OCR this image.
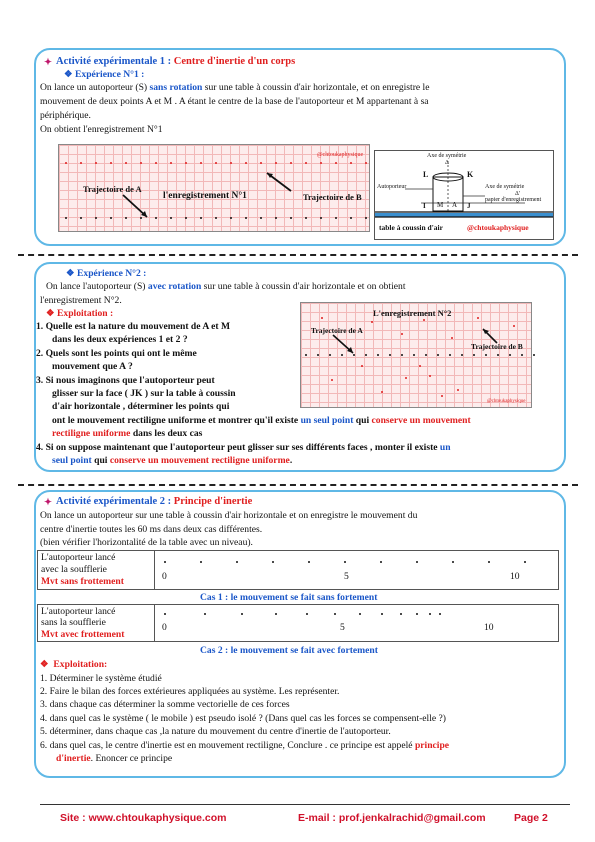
✦ Activité expérimentale 1 : Centre d'inertie d'un corps
❖ Expérience N°1 :
On lance un autoporteur (S) sans rotation sur une table à coussin d'air horizontale, et on enregistre le
mouvement de deux points A et M . A étant le centre de la base de l'autoporteur et M appartenant à sa
périphérique.
On obtient l'enregistrement N°1
@chtoukaphysique
Trajectoire de A
l'enregistrement N°1	Trajectoire de B
Axe de symétrie
Δ
L	K
Autoporteur	Axe de symétrie
Δ'
papier d'enregistrement
I M A J
table à coussin d'air	@chtoukaphysique
❖ Expérience N°2 :
On lance l'autoporteur (S) avec rotation sur une table à coussin d'air horizontale et on obtient
l'enregistrement N°2.
❖ Exploitation :
1. Quelle est la nature du mouvement de A et M
dans les deux expériences 1 et 2 ?
2. Quels sont les points qui ont le même
mouvement que A ?
3. Si nous imaginons que l'autoporteur peut
glisser sur la face ( JK ) sur la table à coussin
d'air horizontale , déterminer les points qui
ont le mouvement rectiligne uniforme et montrer qu'il existe un seul point qui conserve un mouvement
rectiligne uniforme dans les deux cas
4. Si on suppose maintenant que l'autoporteur peut glisser sur ses différents faces , monter il existe un
seul point qui conserve un mouvement rectiligne uniforme.
L'enregistrement N°2
Trajectoire de A
Trajectoire de B
@chtoukaphysique
✦ Activité expérimentale 2 : Principe d'inertie
On lance un autoporteur sur une table à coussin d'air horizontale et on enregistre le mouvement du
centre d'inertie toutes les 60 ms dans deux cas différentes.
(bien vérifier l'horizontalité de la table avec un niveau).
L'autoporteur lancé
avec la soufflerie
Mvt sans frottement	0	5	10
Cas 1 : le mouvement se fait sans fortement
L'autoporteur lancé
sans la soufflerie
Mvt avec frottement
0	5	10
Cas 2 : le mouvement se fait avec fortement
❖  Exploitation:
1. Déterminer le système étudié
2. Faire le bilan des forces extérieures appliquées au système. Les représenter.
3. dans chaque cas déterminer la somme vectorielle de ces forces
4. dans quel cas le système ( le mobile ) est pseudo isolé ? (Dans quel cas les forces se compensent-elle ?)
5. déterminer, dans chaque cas ,la nature du mouvement du centre d'inertie de l'autoporteur.
6. dans quel cas, le centre d'inertie est en mouvement rectiligne, Conclure . ce principe est appelé principe
d'inertie. Enoncer ce principe
Site : www.chtoukaphysique.com	E-mail : prof.jenkalrachid@gmail.com	Page 2
